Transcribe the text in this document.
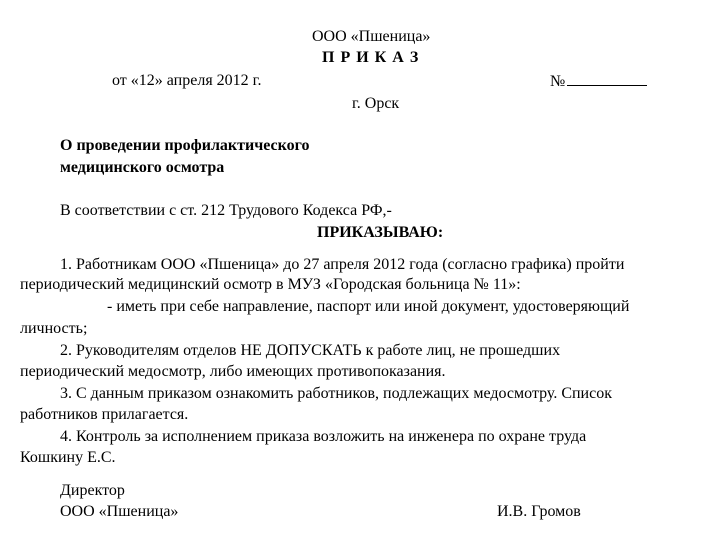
ООО «Пшеница»
П Р И К А З
от «12» апреля 2012 г.	№
г. Орск
О проведении профилактического
медицинского осмотра
В соответствии с ст. 212 Трудового Кодекса РФ,-
ПРИКАЗЫВАЮ:
1. Работникам ООО «Пшеница» до 27 апреля 2012 года (согласно графика) пройти
периодический медицинский осмотр в МУЗ «Городская больница № 11»:
- иметь при себе направление, паспорт или иной документ, удостоверяющий
личность;
2. Руководителям отделов НЕ ДОПУСКАТЬ к работе лиц, не прошедших
периодический медосмотр, либо имеющих противопоказания.
3. С данным приказом ознакомить работников, подлежащих медосмотру. Список
работников прилагается.
4. Контроль за исполнением приказа возложить на инженера по охране труда
Кошкину Е.С.
Директор
ООО «Пшеница»	И.В. Громов
